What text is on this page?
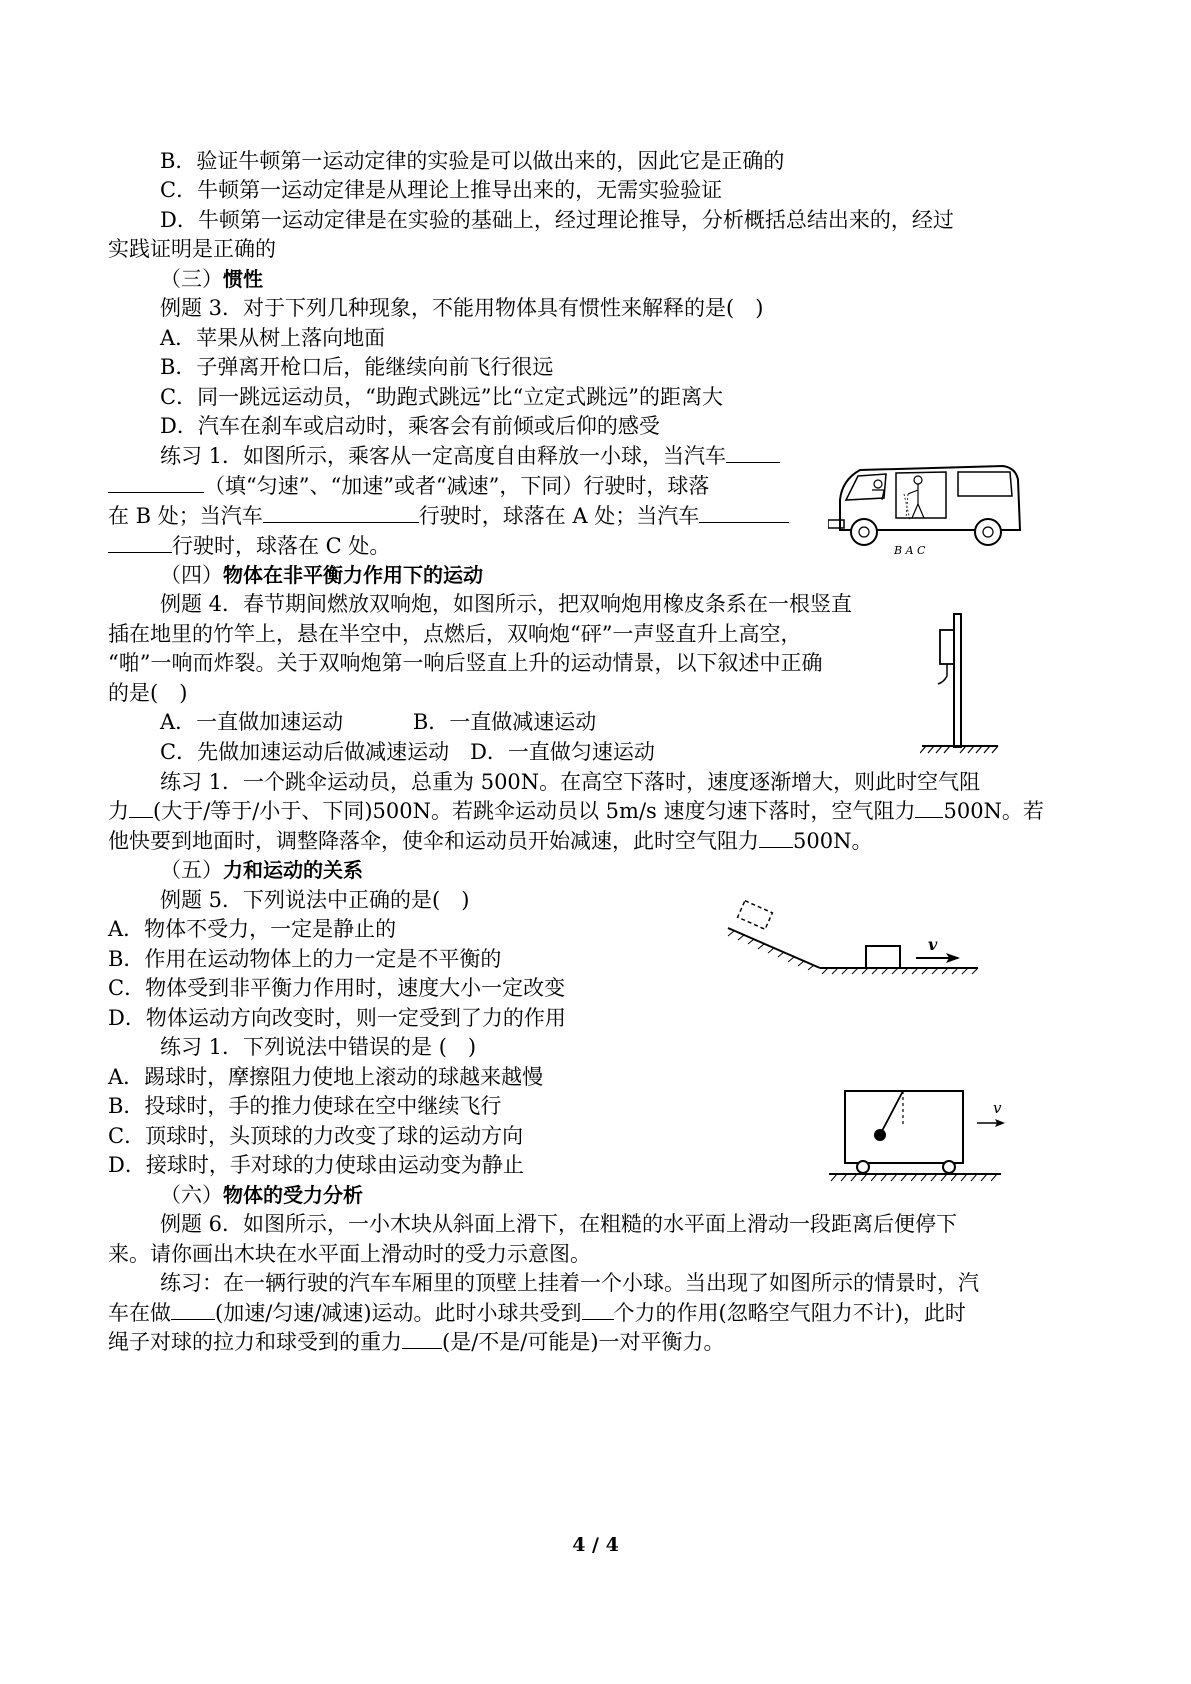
B．验证牛顿第一运动定律的实验是可以做出来的，因此它是正确的
C．牛顿第一运动定律是从理论上推导出来的，无需实验验证
D．牛顿第一运动定律是在实验的基础上，经过理论推导，分析概括总结出来的，经过
实践证明是正确的
（三）惯性
例题 3．对于下列几种现象，不能用物体具有惯性来解释的是(　)
A．苹果从树上落向地面
B．子弹离开枪口后，能继续向前飞行很远
C．同一跳远运动员，“助跑式跳远”比“立定式跳远”的距离大
D．汽车在刹车或启动时，乘客会有前倾或后仰的感受
练习 1．如图所示，乘客从一定高度自由释放一小球，当汽车
（填“匀速”、“加速”或者“减速”，下同）行驶时，球落
在 B 处；当汽车	行驶时，球落在 A 处；当汽车
行驶时，球落在 C 处。	B A C
（四）物体在非平衡力作用下的运动
例题 4．春节期间燃放双响炮，如图所示，把双响炮用橡皮条系在一根竖直
插在地里的竹竿上，悬在半空中，点燃后，双响炮“砰”一声竖直升上高空，
“啪”一响而炸裂。关于双响炮第一响后竖直上升的运动情景，以下叙述中正确
的是(　)
A．一直做加速运动　　　 B．一直做减速运动
C．先做加速运动后做减速运动　D．一直做匀速运动
练习 1．一个跳伞运动员，总重为 500N。在高空下落时，速度逐渐增大，则此时空气阻
力 (大于/等于/小于、下同)500N。若跳伞运动员以 5m/s 速度匀速下落时，空气阻力 500N。若
他快要到地面时，调整降落伞，使伞和运动员开始减速，此时空气阻力 500N。
（五）力和运动的关系
例题 5．下列说法中正确的是(　)
A．物体不受力，一定是静止的
B．作用在运动物体上的力一定是不平衡的
C．物体受到非平衡力作用时，速度大小一定改变
D．物体运动方向改变时，则一定受到了力的作用
v
练习 1．下列说法中错误的是 (　)
A．踢球时，摩擦阻力使地上滚动的球越来越慢
B．投球时，手的推力使球在空中继续飞行
C．顶球时，头顶球的力改变了球的运动方向
D．接球时，手对球的力使球由运动变为静止
v
（六）物体的受力分析
例题 6．如图所示，一小木块从斜面上滑下，在粗糙的水平面上滑动一段距离后便停下
来。请你画出木块在水平面上滑动时的受力示意图。
练习：在一辆行驶的汽车车厢里的顶壁上挂着一个小球。当出现了如图所示的情景时，汽
车在做 (加速/匀速/减速)运动。此时小球共受到 个力的作用(忽略空气阻力不计)，此时
绳子对球的拉力和球受到的重力 (是/不是/可能是)一对平衡力。
4 / 4
